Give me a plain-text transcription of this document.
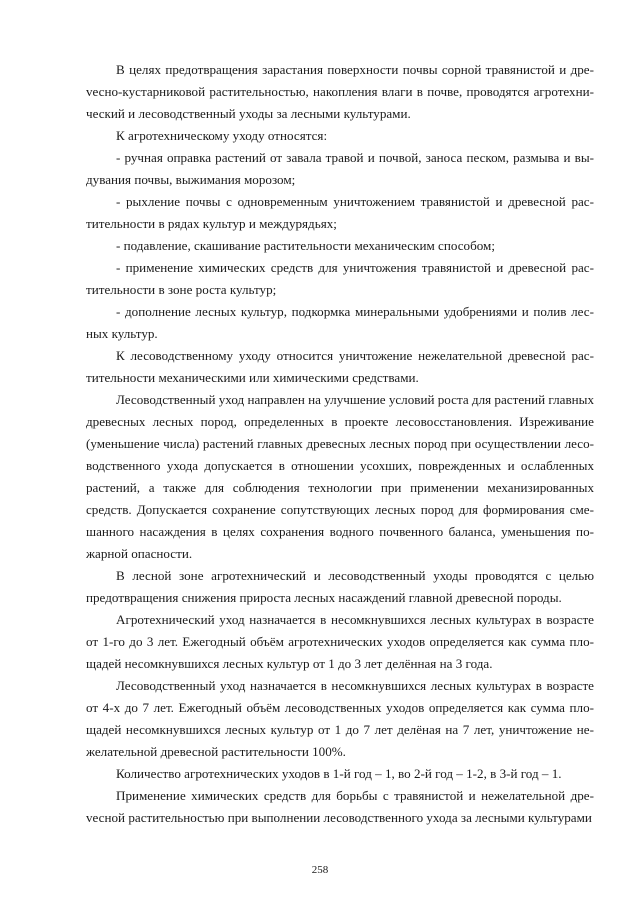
В целях предотвращения зарастания поверхности почвы сорной травянистой и дреvесно-кустарниковой растительностью, накопления влаги в почве, проводятся агротехнический и лесоводственный уходы за лесными культурами.

К агротехническому уходу относятся:

- ручная оправка растений от завала травой и почвой, заноса песком, размыва и выдувания почвы, выжимания морозом;

- рыхление почвы с одновременным уничтожением травянистой и древесной растительности в рядах культур и междурядьях;

- подавление, скашивание растительности механическим способом;

- применение химических средств для уничтожения травянистой и древесной растительности в зоне роста культур;

- дополнение лесных культур, подкормка минеральными удобрениями и полив лесных культур.

К лесоводственному уходу относится уничтожение нежелательной древесной растительности механическими или химическими средствами.

Лесоводственный уход направлен на улучшение условий роста для растений главных древесных лесных пород, определенных в проекте лесовосстановления. Изреживание (уменьшение числа) растений главных древесных лесных пород при осуществлении лесоводственного ухода допускается в отношении усохших, поврежденных и ослабленных растений, а также для соблюдения технологии при применении механизированных средств. Допускается сохранение сопутствующих лесных пород для формирования смешанного насаждения в целях сохранения водного почвенного баланса, уменьшения пожарной опасности.

В лесной зоне агротехнический и лесоводственный уходы проводятся с целью предотвращения снижения прироста лесных насаждений главной древесной породы.

Агротехнический уход назначается в несомкнувшихся лесных культурах в возрасте от 1-го до 3 лет. Ежегодный объём агротехнических уходов определяется как сумма площадей несомкнувшихся лесных культур от 1 до 3 лет делённая на 3 года.

Лесоводственный уход назначается в несомкнувшихся лесных культурах в возрасте от 4-х до 7 лет. Ежегодный объём лесоводственных уходов определяется как сумма площадей несомкнувшихся лесных культур от 1 до 7 лет делёная на 7 лет, уничтожение нежелательной древесной растительности 100%.

Количество агротехнических уходов в 1-й год – 1, во 2-й год – 1-2, в 3-й год – 1.

Применение химических средств для борьбы с травянистой и нежелательной дреvесной растительностью при выполнении лесоводственного ухода за лесными культурами

258
